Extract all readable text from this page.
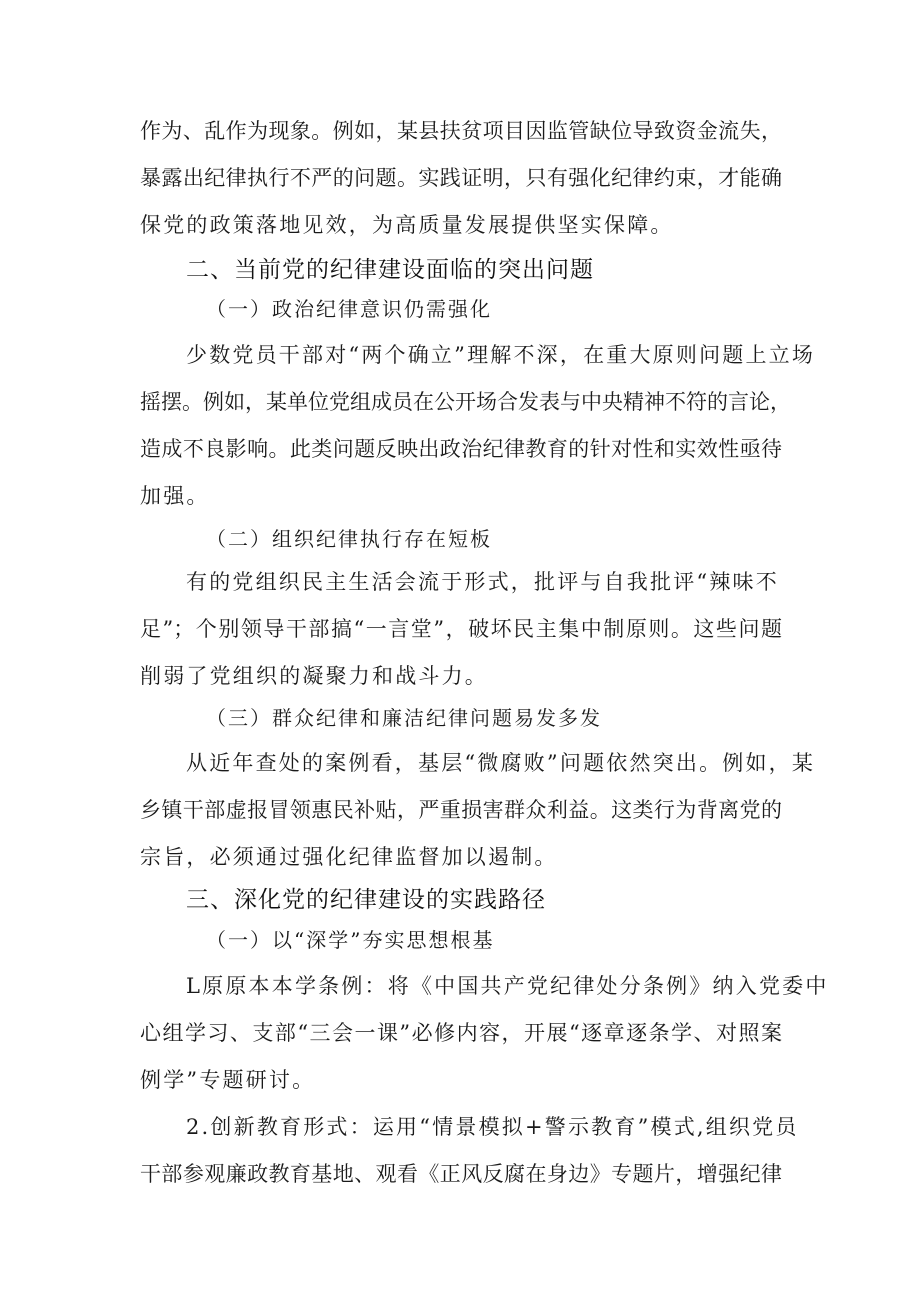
作为、乱作为现象。例如，某县扶贫项目因监管缺位导致资金流失，
暴露出纪律执行不严的问题。实践证明，只有强化纪律约束，才能确
保党的政策落地见效，为高质量发展提供坚实保障。
二、当前党的纪律建设面临的突出问题
（一）政治纪律意识仍需强化
少数党员干部对“两个确立”理解不深，在重大原则问题上立场
摇摆。例如，某单位党组成员在公开场合发表与中央精神不符的言论，
造成不良影响。此类问题反映出政治纪律教育的针对性和实效性亟待
加强。
（二）组织纪律执行存在短板
有的党组织民主生活会流于形式，批评与自我批评“辣味不
足”；个别领导干部搞“一言堂”，破坏民主集中制原则。这些问题
削弱了党组织的凝聚力和战斗力。
（三）群众纪律和廉洁纪律问题易发多发
从近年查处的案例看，基层“微腐败”问题依然突出。例如，某
乡镇干部虚报冒领惠民补贴，严重损害群众利益。这类行为背离党的
宗旨，必须通过强化纪律监督加以遏制。
三、深化党的纪律建设的实践路径
（一）以“深学”夯实思想根基
L原原本本学条例：将《中国共产党纪律处分条例》纳入党委中
心组学习、支部“三会一课”必修内容，开展“逐章逐条学、对照案
例学”专题研讨。
2.创新教育形式：运用“情景模拟+警示教育”模式,组织党员
干部参观廉政教育基地、观看《正风反腐在身边》专题片，增强纪律
